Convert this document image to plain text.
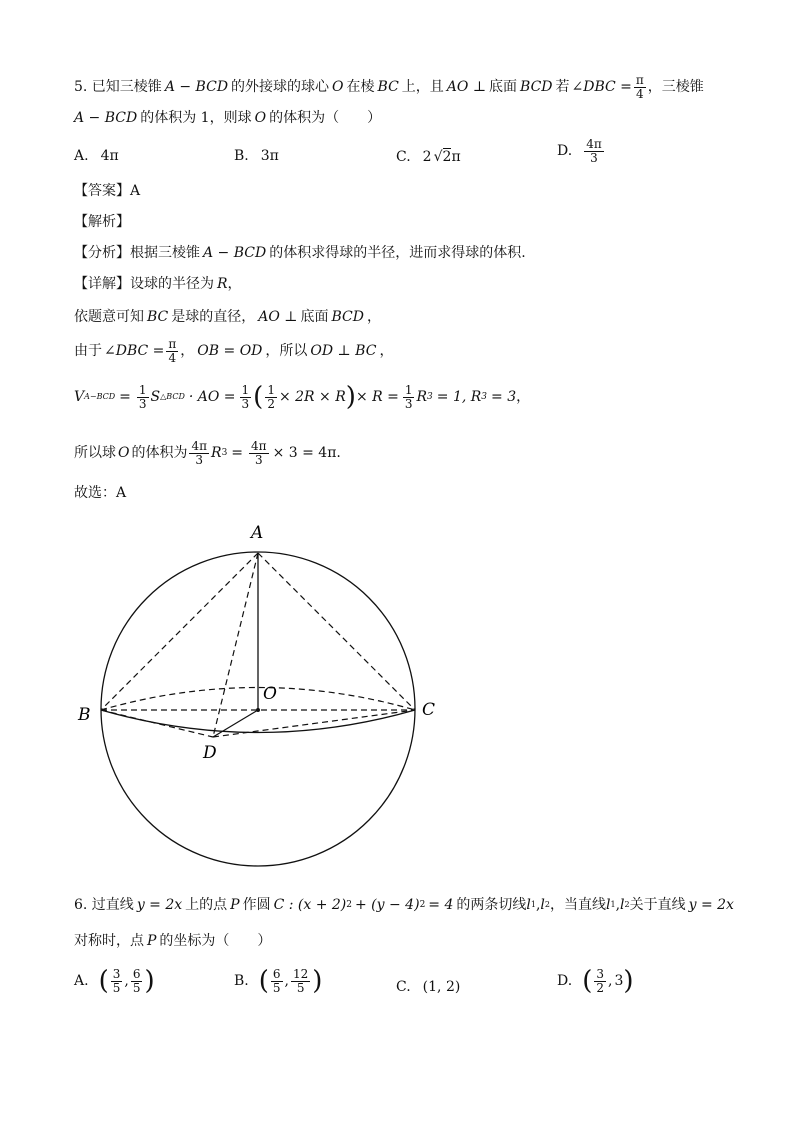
5. 已知三棱锥 A − BCD 的外接球的球心 O 在棱 BC 上，且 AO ⊥ 底面 BCD 若 ∠DBC = $\frac{\pi}{4}$ ，三棱锥
A − BCD 的体积为 1，则球 O 的体积为（　　）
A. 4π	B. 3π	C. 2 √ 2 π	D. $\frac{4\pi}{3}$
【答案】 A
【解析】
【分析】 根据三棱锥 A − BCD 的体积求得球的半径，进而求得球的体积.
【详解】 设球的半径为 R ，
依题意可知 BC 是球的直径， AO ⊥ 底面 BCD ，
由于 ∠DBC = $\frac{\pi}{4}$ ， OB = OD ，所以 OD ⊥ BC ，
V $A-BCD = \frac{1}{3}$ S △BCD · AO = $\frac{1}{3}$ ( $\frac{1}{2} \times 2R \times R$ ) × $R = \frac{1}{3}$ R 3 = 1, R 3 = 3 ，
所以球 O 的体积为 $\frac{4\pi}{3}$ R $3 = \frac{4\pi}{3} \times 3 = 4\pi$.
故选：A
A
B	C
D
O
6. 过直线 y = 2x 上的点 P 作圆 C : (x + 2) 2 + (y − 4) 2 = 4 的两条切线 l 1 , l 2 ，当直线 l 1 , l 2 关于直线 y = 2x
对称时，点 P 的坐标为（　　）
A. ( $\frac{3}{5}$ , $\frac{6}{5}$ )	B. ( $\frac{6}{5}$ , $\frac{12}{5}$ )	C. (1, 2)	D. ( $\frac{3}{2}$ , 3 )
